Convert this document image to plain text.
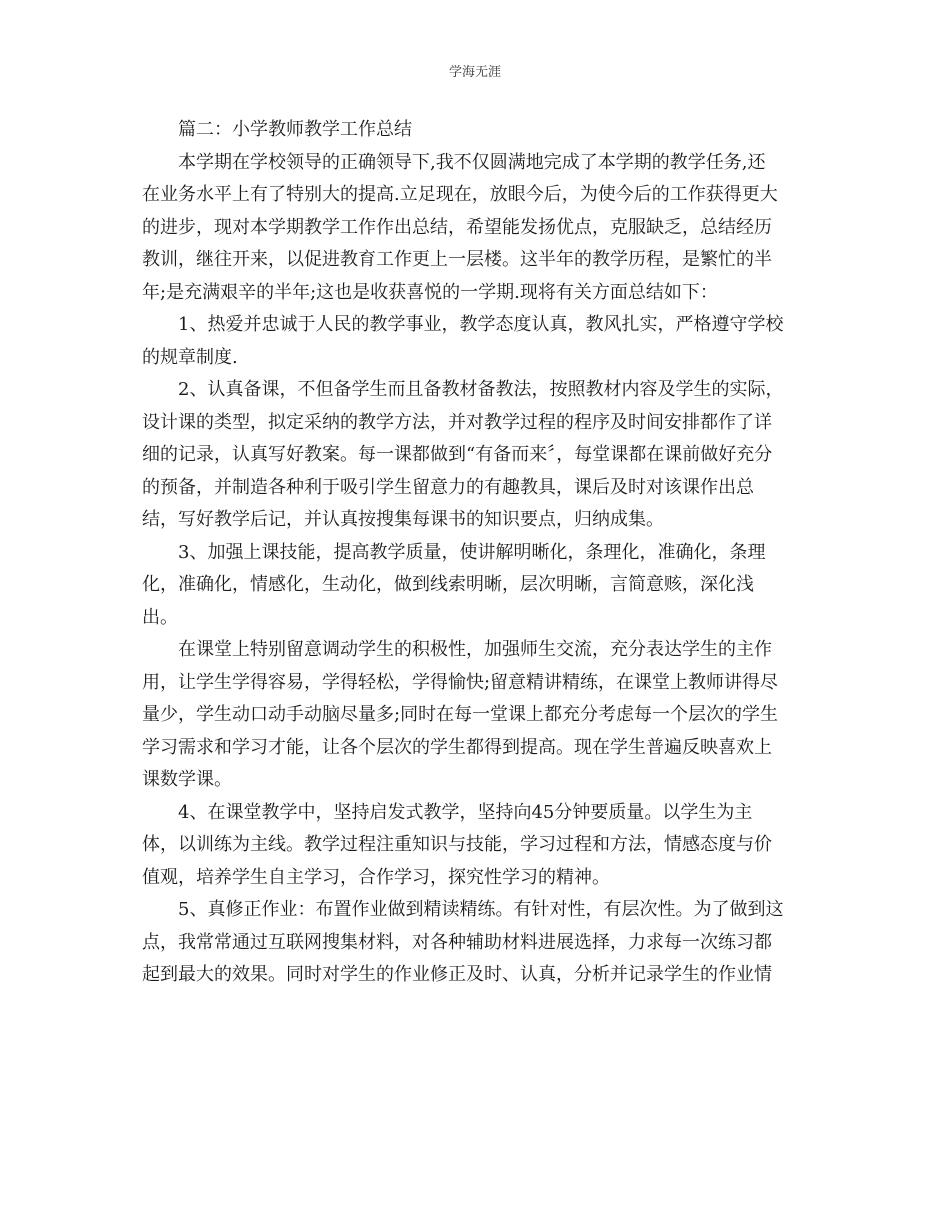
学海无涯
篇二：小学教师教学工作总结

本学期在学校领导的正确领导下,我不仅圆满地完成了本学期的教学任务,还
在业务水平上有了特别大的提高.立足现在，放眼今后，为使今后的工作获得更大
的进步，现对本学期教学工作作出总结，希望能发扬优点，克服缺乏，总结经历
教训，继往开来，以促进教育工作更上一层楼。这半年的教学历程，是繁忙的半
年;是充满艰辛的半年;这也是收获喜悦的一学期.现将有关方面总结如下：

1、热爱并忠诚于人民的教学事业，教学态度认真，教风扎实，严格遵守学校
的规章制度.

2、认真备课，不但备学生而且备教材备教法，按照教材内容及学生的实际，
设计课的类型，拟定采纳的教学方法，并对教学过程的程序及时间安排都作了详
细的记录，认真写好教案。每一课都做到“有备而来〞，每堂课都在课前做好充分
的预备，并制造各种利于吸引学生留意力的有趣教具，课后及时对该课作出总
结，写好教学后记，并认真按搜集每课书的知识要点，归纳成集。

3、加强上课技能，提高教学质量，使讲解明晰化，条理化，准确化，条理
化，准确化，情感化，生动化，做到线索明晰，层次明晰，言简意赅，深化浅
出。

在课堂上特别留意调动学生的积极性，加强师生交流，充分表达学生的主作
用，让学生学得容易，学得轻松，学得愉快;留意精讲精练，在课堂上教师讲得尽
量少，学生动口动手动脑尽量多;同时在每一堂课上都充分考虑每一个层次的学生
学习需求和学习才能，让各个层次的学生都得到提高。现在学生普遍反映喜欢上
课数学课。

4、在课堂教学中，坚持启发式教学，坚持向45分钟要质量。以学生为主
体，以训练为主线。教学过程注重知识与技能，学习过程和方法，情感态度与价
值观，培养学生自主学习，合作学习，探究性学习的精神。

5、真修正作业：布置作业做到精读精练。有针对性，有层次性。为了做到这
点，我常常通过互联网搜集材料，对各种辅助材料进展选择，力求每一次练习都
起到最大的效果。同时对学生的作业修正及时、认真，分析并记录学生的作业情
